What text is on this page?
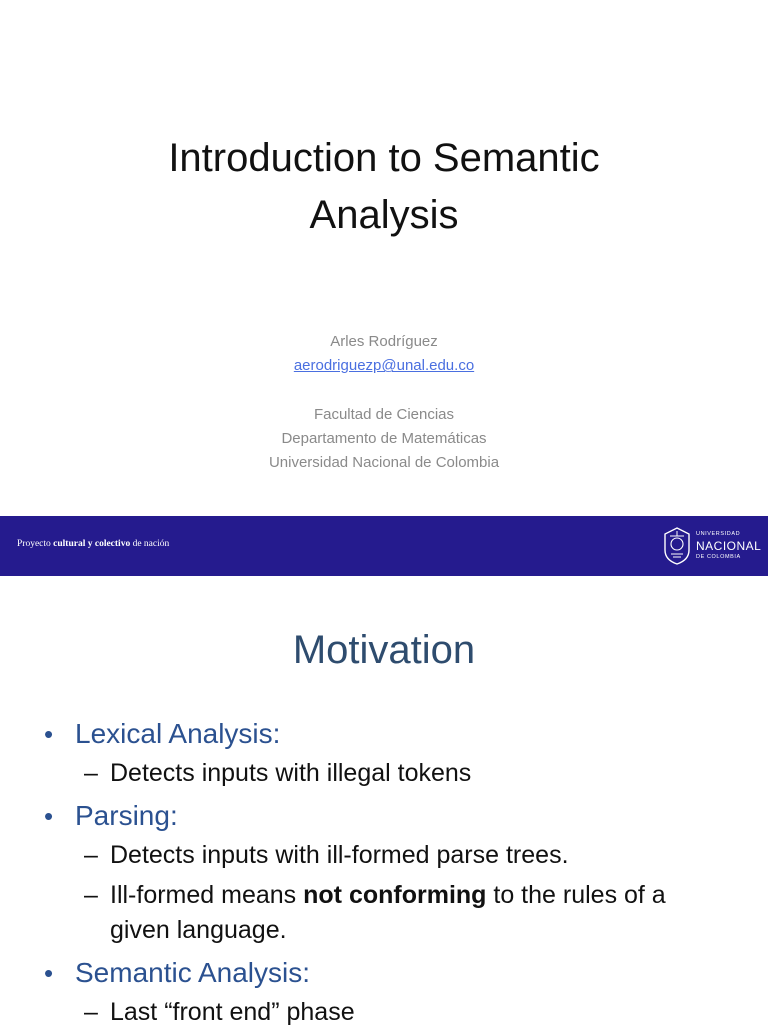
Introduction to Semantic
Analysis
Arles Rodríguez
aerodriguezp@unal.edu.co
Facultad de Ciencias
Departamento de Matemáticas
Universidad Nacional de Colombia
Proyecto cultural y colectivo de nación
UNIVERSIDAD
NACIONAL
DE COLOMBIA
Motivation
• Lexical Analysis:
– Detects inputs with illegal tokens
• Parsing:
– Detects inputs with ill-formed parse trees.
– Ill-formed means not conforming to the rules of a given language.
• Semantic Analysis:
– Last “front end” phase
